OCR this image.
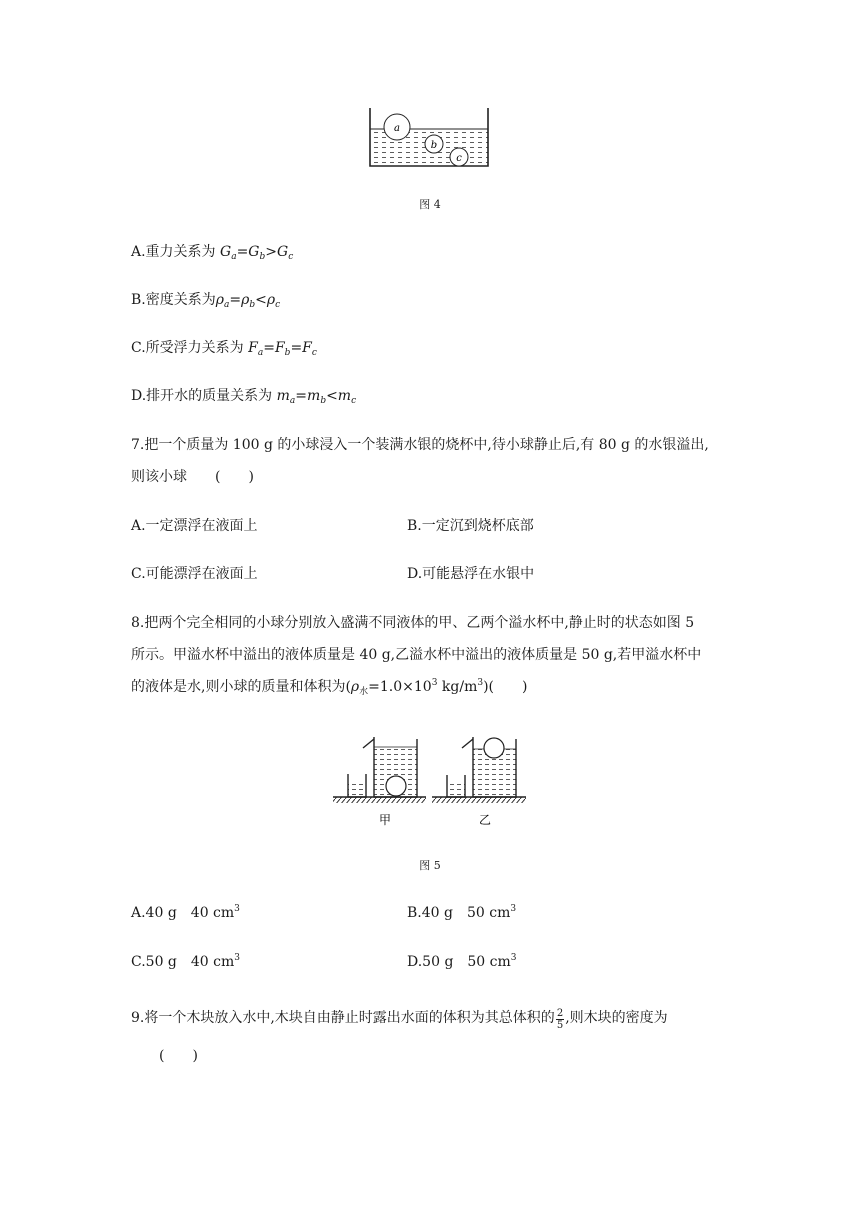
a
b
c
图 4
A.重力关系为 $G_a=G_b>G_c$
B.密度关系为$\rho_a=\rho_b<\rho_c$
C.所受浮力关系为 $F_a=F_b=F_c$
D.排开水的质量关系为 $m_a=m_b<m_c$
7.把一个质量为 100 g 的小球浸入一个装满水银的烧杯中,待小球静止后,有 80 g 的水银溢出,
则该小球　　(　　)
A.一定漂浮在液面上	B.一定沉到烧杯底部
C.可能漂浮在液面上	D.可能悬浮在水银中
8.把两个完全相同的小球分别放入盛满不同液体的甲、乙两个溢水杯中,静止时的状态如图 5
所示。甲溢水杯中溢出的液体质量是 40 g,乙溢水杯中溢出的液体质量是 50 g,若甲溢水杯中
的液体是水,则小球的质量和体积为($\rho_水=1.0\times 10^3$ $kg/m^3$)(　　)
甲	乙
图 5
A.40 g　40 $cm^3$	B.40 g　50 $cm^3$
C.50 g　40 $cm^3$	D.50 g　50 $cm^3$
9.将一个木块放入水中,木块自由静止时露出水面的体积为其总体积的 $\frac{2}{5}$ ,则木块的密度为
(　　)
